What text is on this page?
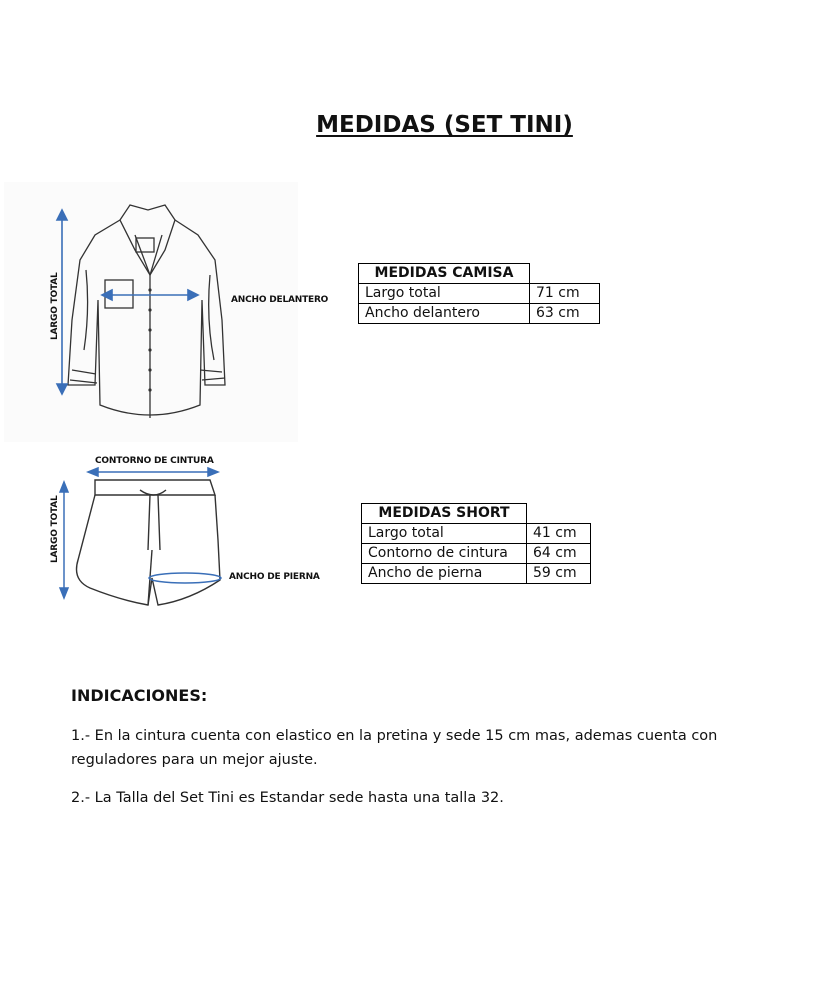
MEDIDAS (SET TINI)
LARGO TOTAL	ANCHO DELANTERO
MEDIDAS CAMISA	
Largo total	71 cm
Ancho delantero	63 cm
CONTORNO DE CINTURA
LARGO TOTAL
ANCHO DE PIERNA
MEDIDAS SHORT	
Largo total	41 cm
Contorno de cintura	64 cm
Ancho de pierna	59 cm
INDICACIONES:
1.- En la cintura cuenta con elastico en la pretina y sede 15 cm mas, ademas cuenta con
reguladores para un mejor ajuste.
2.- La Talla del Set Tini es Estandar sede hasta una talla 32.
